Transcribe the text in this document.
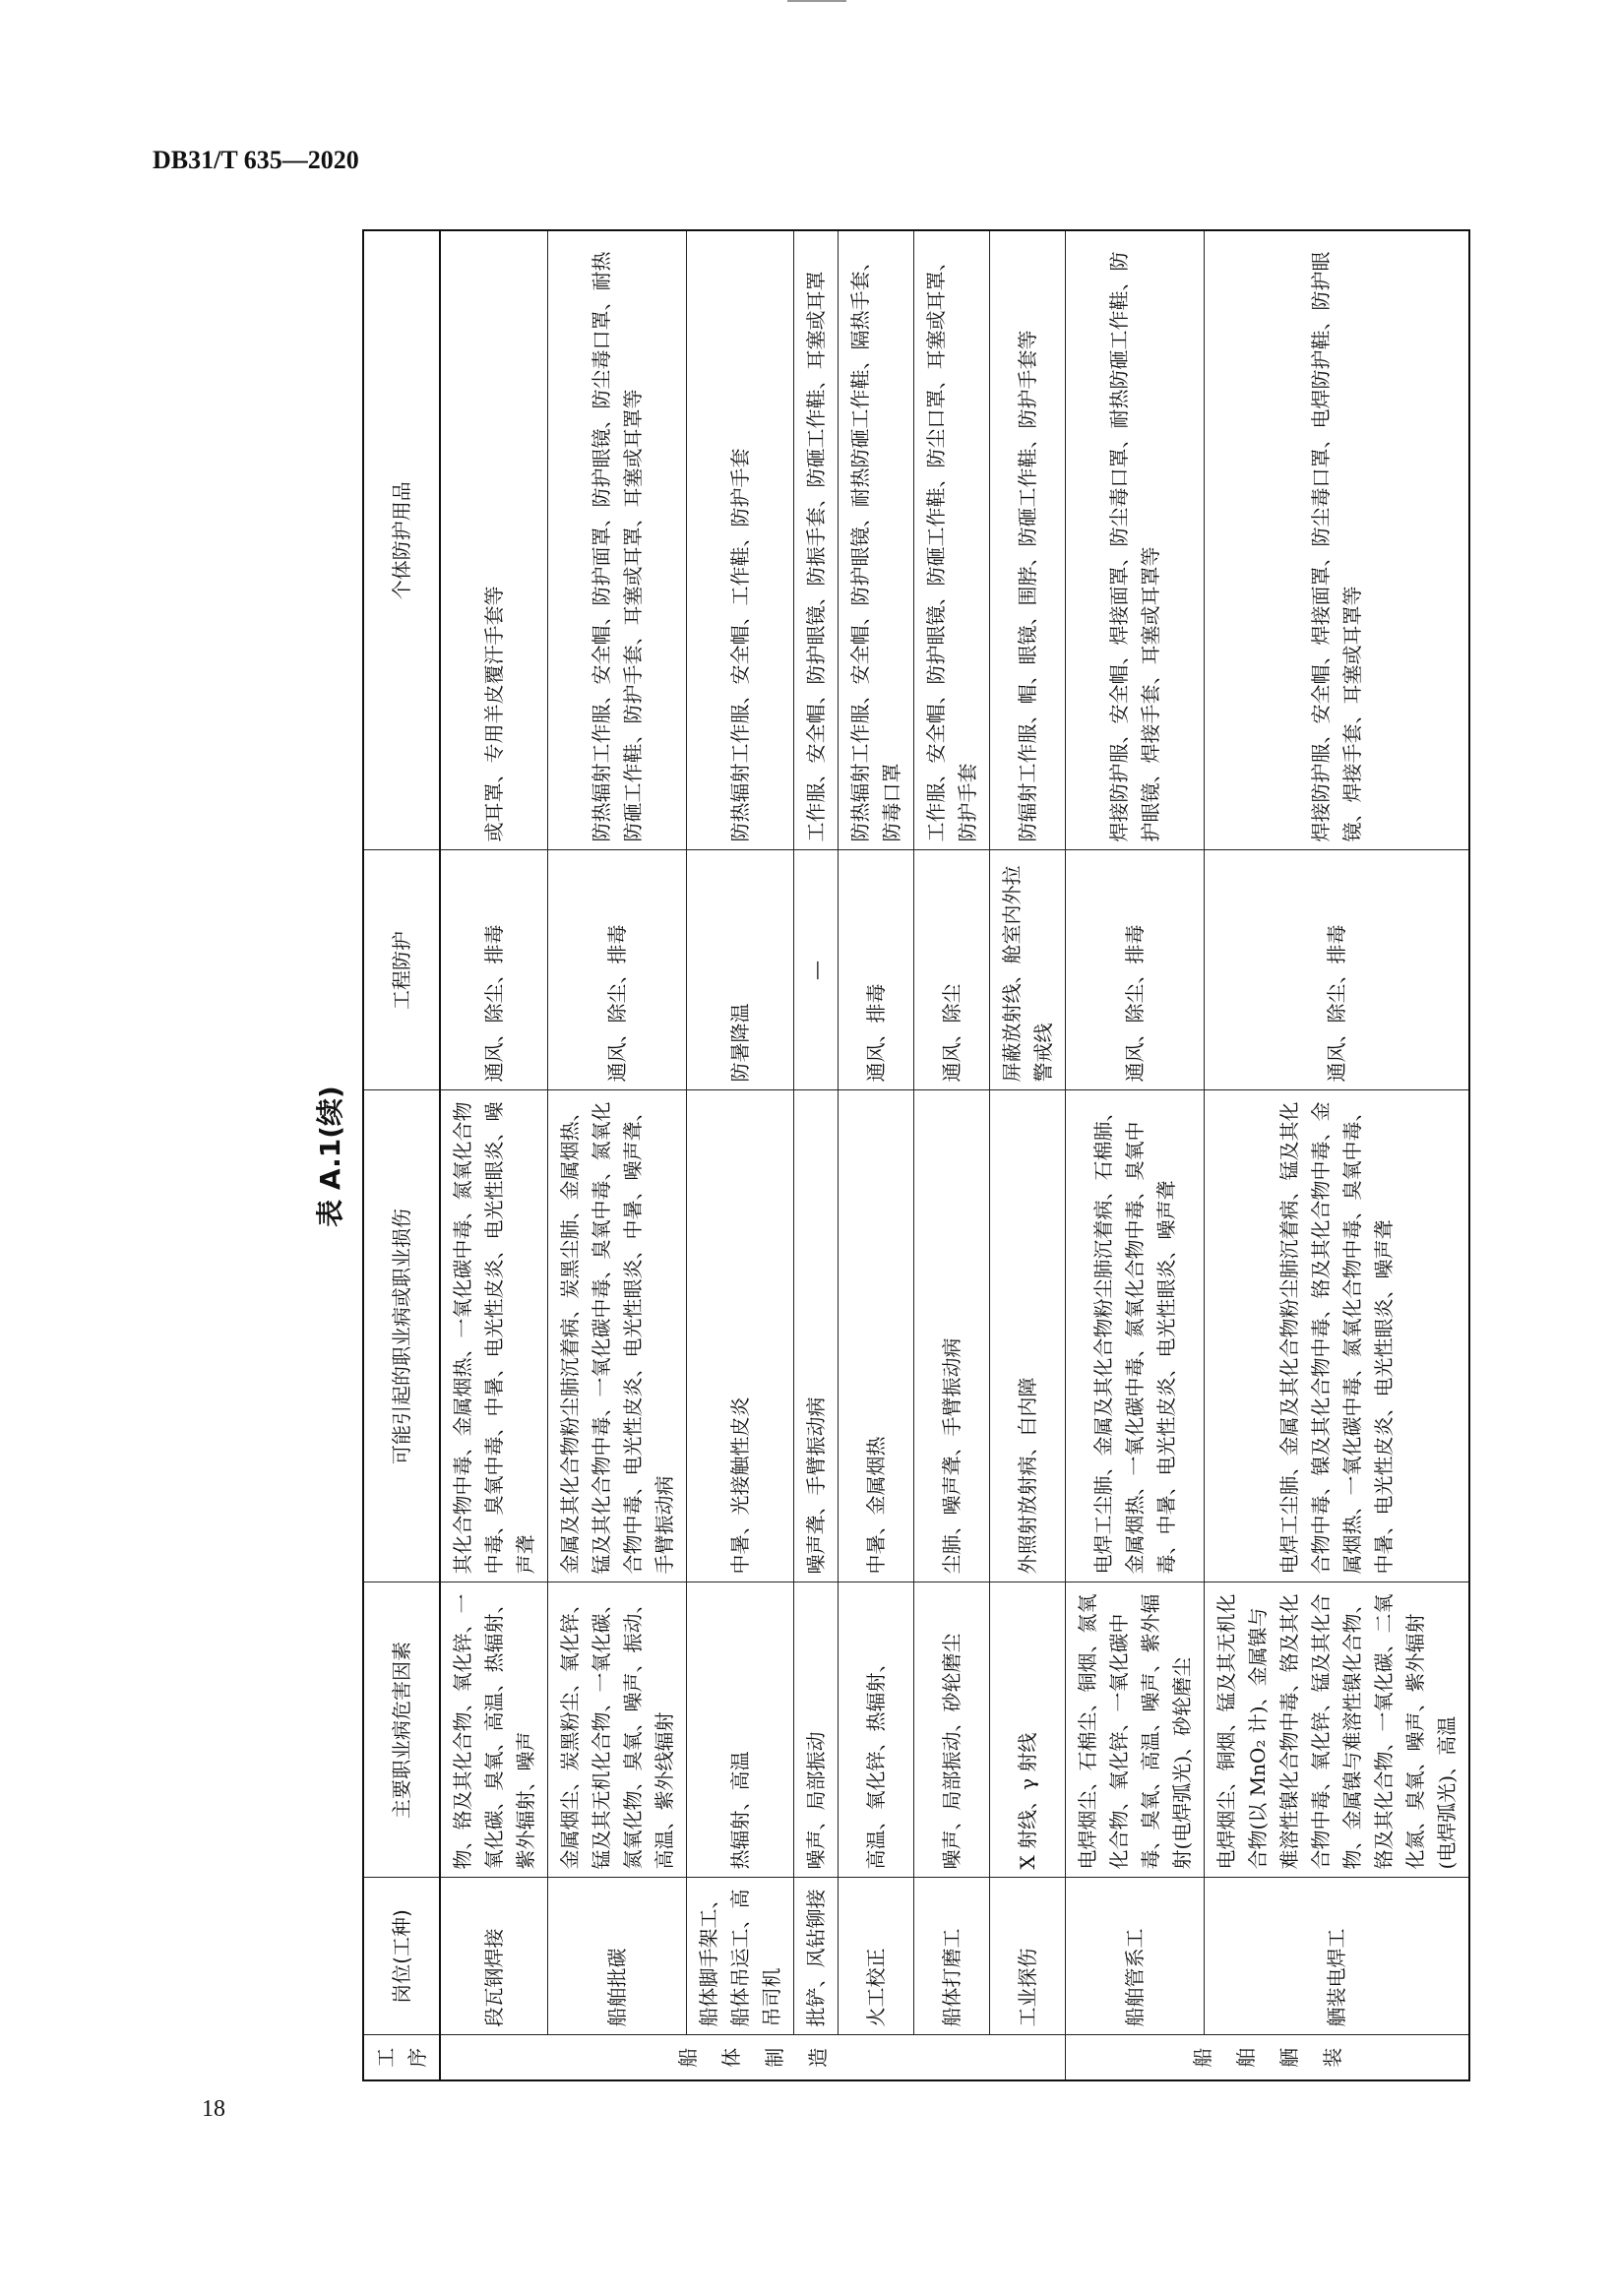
DB31/T 635—2020
表 A.1(续)
工序	岗位(工种)	主要职业病危害因素	可能引起的职业病或职业损伤	工程防护	个体防护用品

船 体 制 造	段瓦钢焊接	物、铬及其化合物、氧化锌、一氧化碳、臭氧、高温、热辐射、紫外辐射、噪声	其化合物中毒、金属烟热、一氧化碳中毒、氮氧化合物中毒、臭氧中毒、中暑、电光性皮炎、电光性眼炎、噪声聋	通风、除尘、排毒	或耳罩、专用羊皮覆汗手套等
	船舶批碳	金属烟尘、炭黑粉尘、氧化锌、锰及其无机化合物、一氧化碳、氮氧化物、臭氧、噪声、振动、高温、紫外线辐射	金属及其化合物粉尘肺沉着病、炭黑尘肺、金属烟热、锰及其化合物中毒、一氧化碳中毒、臭氧中毒、氮氧化合物中毒、电光性皮炎、电光性眼炎、中暑、噪声聋、手臂振动病	通风、除尘、排毒	防热辐射工作服、安全帽、防护面罩、防护眼镜、防尘毒口罩、耐热防砸工作鞋、防护手套、耳塞或耳罩、耳塞或耳罩等
	船体脚手架工、船体吊运工、高吊司机	热辐射、高温	中暑、光接触性皮炎	防暑降温	防热辐射工作服、安全帽、工作鞋、防护手套
	批铲、风钻铆接	噪声、局部振动	噪声聋、手臂振动病	—	工作服、安全帽、防护眼镜、防振手套、防砸工作鞋、耳塞或耳罩
	火工校正	高温、氧化锌、热辐射、	中暑、金属烟热	通风、排毒	防热辐射工作服、安全帽、防护眼镜、耐热防砸工作鞋、隔热手套、防毒口罩
	船体打磨工	噪声、局部振动、砂轮磨尘	尘肺、噪声聋、手臂振动病	通风、除尘	工作服、安全帽、防护眼镜、防砸工作鞋、防尘口罩、耳塞或耳罩、防护手套
	工业探伤	X 射线、γ 射线	外照射放射病、白内障	屏蔽放射线、舱室内外拉警戒线	防辐射工作服、帽、眼镜、围脖、防砸工作鞋、防护手套等

船 舶 舾 装	船舶管系工	电焊烟尘、石棉尘、铜烟、氮氧化合物、氧化锌、一氧化碳中毒、臭氧、高温、噪声、紫外辐射(电焊弧光)、砂轮磨尘	电焊工尘肺、金属及其化合物粉尘肺沉着病、石棉肺、金属烟热、一氧化碳中毒、氮氧化合物中毒、臭氧中毒、中暑、电光性皮炎、电光性眼炎、噪声聋	通风、除尘、排毒	焊接防护服、安全帽、焊接面罩、防尘毒口罩、耐热防砸工作鞋、防护眼镜、焊接手套、耳塞或耳罩等
	舾装电焊工	电焊烟尘、铜烟、锰及其无机化合物(以 MnO₂ 计)、金属镍与难溶性镍化合物中毒、铬及其化合物中毒、氧化锌、锰及其化合物、金属镍与难溶性镍化合物、铬及其化合物、一氧化碳、二氧化氮、臭氧、噪声、紫外辐射(电焊弧光)、高温	电焊工尘肺、金属及其化合物粉尘肺沉着病、锰及其化合物中毒、镍及其化合物中毒、铬及其化合物中毒、金属烟热、一氧化碳中毒、氮氧化合物中毒、臭氧中毒、中暑、电光性皮炎、电光性眼炎、噪声聋	通风、除尘、排毒	焊接防护服、安全帽、焊接面罩、防尘毒口罩、电焊防护鞋、防护眼镜、焊接手套、耳塞或耳罩等
18
